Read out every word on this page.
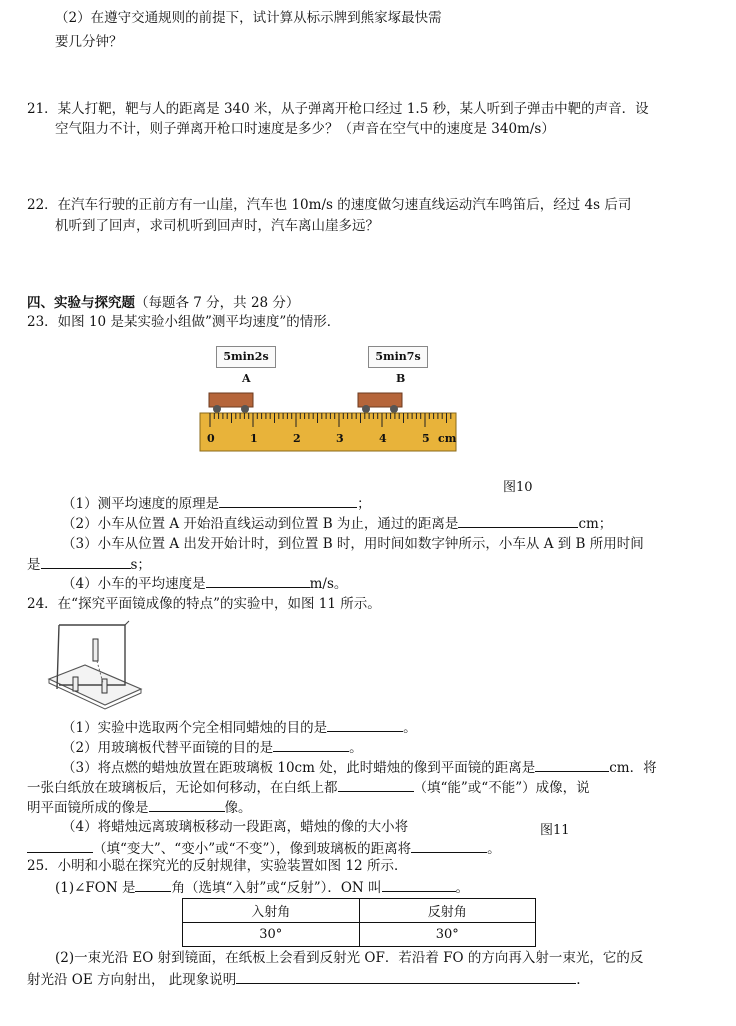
（2）在遵守交通规则的前提下，试计算从标示牌到熊家塚最快需
要几分钟？
21．某人打靶，靶与人的距离是 340 米，从子弹离开枪口经过 1.5 秒，某人听到子弹击中靶的声音．设
空气阻力不计，则子弹离开枪口时速度是多少？（声音在空气中的速度是 340m/s）
22．在汽车行驶的正前方有一山崖，汽车也 10m/s 的速度做匀速直线运动汽车鸣笛后，经过 4s 后司
机听到了回声，求司机听到回声时，汽车离山崖多远？
四、实验与探究题（每题各 7 分，共 28 分）
23．如图 10 是某实验小组做”测平均速度”的情形．
5min2s	5min7s
A	B
0	1	2	3	4	5 cm
图10
（1）测平均速度的原理是	；
（2）小车从位置 A 开始沿直线运动到位置 B 为止，通过的距离是	cm；
（3）小车从位置 A 出发开始计时，到位置 B 时，用时间如数字钟所示，小车从 A 到 B 所用时间
是	s；
（4）小车的平均速度是	m/s。
24．在“探究平面镜成像的特点”的实验中，如图 11 所示。
（1）实验中选取两个完全相同蜡烛的目的是	。
（2）用玻璃板代替平面镜的目的是	。
（3）将点燃的蜡烛放置在距玻璃板 10cm 处，此时蜡烛的像到平面镜的距离是	cm．将
一张白纸放在玻璃板后，无论如何移动，在白纸上都	（填“能”或“不能”）成像，说
明平面镜所成的像是	像。
（4）将蜡烛远离玻璃板移动一段距离，蜡烛的像的大小将	图11
（填“变大”、“变小”或“不变”），像到玻璃板的距离将	。
25．小明和小聪在探究光的反射规律，实验装置如图 12 所示．
(1)∠FON 是	角（选填“入射”或“反射”）．ON 叫	。
入射角	反射角
30°	30°
(2)一束光沿 EO 射到镜面，在纸板上会看到反射光 OF．若沿着 FO 的方向再入射一束光，它的反
射光沿 OE 方向射出， 此现象说明	.
